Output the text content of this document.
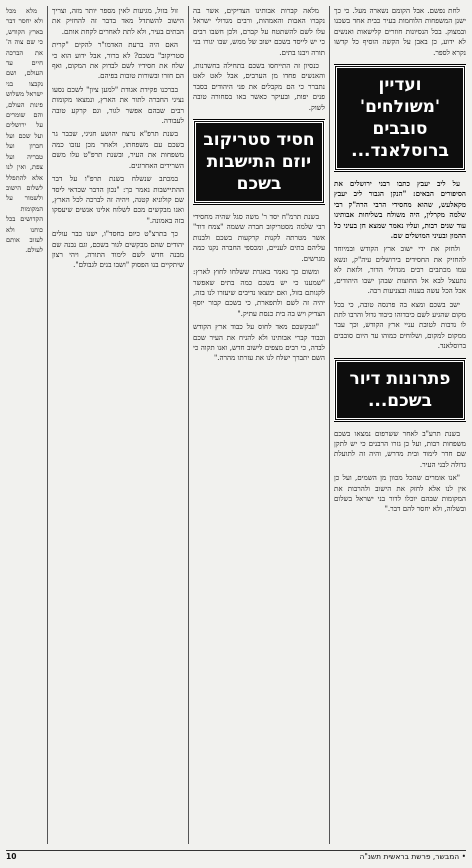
לחת נפשם. אבל הקומם נשארה מעל. כי כך ישנן המשפחות הלוחמות בעיר כבית אחד בשכנו ובמצוק. בכל הנסיונות חוזרים קלישאות ואנשים לא ידוע, כן באבן על הקשה הוסיף כל קדשו נקרא לספר.

ועדיין 'משולחים' סובבים ברוסלאנד...

על ליב יעבץ כתבו רבני ירושלים את הסיפורים הבאים: "הנקן הגבור ליב יעבץ מקאלעש, שהוא מחסידי הרבי הרה"ק רבי שלמה מקרלין, היה משולח בשליחות אבותינו עוד שנים רבות, ועליו נאמר שמצא חן בעיני כל ההמון ובעיני המושלים שם.

ולחזק את ידי ישוב ארץ הקודש ובמיוחד להחזיק את החסידים בירושלים עיה"ק, ונשא עמו מכתבים רבים מגדולי הדור, ולזאת לא נתעצל לבא אל החוצות שבהן ישבו היהודים, אבל הכל עשה בענוה ובצניעות רבה.

ישב בשכם ומצא בה פרנסה טובה, כי בכל מקום שהגיע לשם כיבדוהו כיבוד גדול והרבו לתת לו נדבות לטובת עניי ארץ הקודש, וכך עבר ממקום למקום, ושלוחים כמוהו עד היום סובבים ברוסלאנד.

פתרונות דיור בשכם...

בשנת תרע"ב לאחר ששרפום נמצאו בשכם משפחות רבות, ועל כן גזרו הרבנים כי יש לתקן שם חדר לימוד ובית מדרש, והיה זה לתועלת גדולה לבני העיר.

"אנו אומרים שהכל מכוון מן השמים, ועל כן אין לנו אלא לחזק את הישוב ולהרבות את המקומות שבהם יוכלו לדור בני ישראל בשלום ובשלוה, ולא יחסר להם דבר."

מלאה קברות אבותינו הצדיקים, אשר בה נקברו האבות והאמהות, ורבים מגדולי ישראל עלו לשם להשתטח על קברם, ולכן חשבו רבים כי יש לייסד בשכם ישוב של ממש, שבו יגורו בני תורה ויבנו בתים.

כנסיון זה התייחסו בשכם בתחילה בחשדנות, והאנשים פחדו מן הערבים, אבל לאט לאט נתברר כי הם מקבלים את פני היהודים בסבר פנים יפות, ובעיקר כאשר באו בסחורה טובה לשוק.

חסיד סטריקוב יוזם התישבות בשכם

בשנת תרמ"ח יסד ר' משה סגל שהיה מחסידי רבי שלמה מסטריקוב חברה ששמה "צמח דוד" אשר מטרתה לקנות קרקעות בשכם ולבנות עליהם בתים לעניים, ומכספי החברה נקנו כמה מגרשים.

ומשום כך נאמר באגרת ששלחו לחוץ לארץ: "שמענו כי יש בשכם כמה בתים שאפשר לקנותם בזול, ואם ימצאו נדיבים שיעזרו לנו בזה, יהיה זה לשם ולתפארת, כי בשכם קבור יוסף הצדיק ויש בה בית כנסת עתיק."

"ונבקשכם מאד לחוס על כבוד ארץ הקודש וכבוד קברי אבותינו ולא להניח את העיר שכם לבדה, כי רבים מצפים לישוב חדש, ואנו תקוה כי השם יתברך ישלח לנו את עזרתו מהרה."

זול בזול, מגיעות לאין מספר יותר מזה, וצריך הישוב להשתדל מאד בדבר זה להחזיק את הבתים בעיר, ולא לתת לאחרים לקחת אותם.

האם היה ברעת האדמו"ר להקים "קרית סטריקוב" בשכם? לא ברור, אבל ידוע הוא כי שלח את חסידיו לשם לבדוק את המקום, ואף הם חזרו ובשורות טובות בפיהם.

בברכנו פקידת אגודת "למען ציון" לשכם נסעו נציגי החברה לתור את הארץ, ונמצאו מקומות רבים שבהם אפשר לגור, וגם קרקע טובה לעבודה.

בשנת תרפ"א נרצח יהושע חגיגי, שכבר גר בשכם עם משפחתו, ולאחר מכן עזבו כמה משפחות את העיר, ובשנת תרפ"ט עלו משם השרידים האחרונים.

במכתב שנשלח בשנת תרפ"ו על דבר ההתיישבות נאמר כך: "נכון הדבר שכדאי ליסד שם קולוניא קטנה, ויהיה זה לברכה לכל הארץ, ואנו מבקשים מכם לשלוח אלינו אנשים שיעסקו בזה באמונה."

כך בתרצ"ט כיום בחסד"ו, ישנו כבר עולים יהודים שהם מבקשים לגור בשכם, וגם נבנה שם מבנה חדש לשם לימוד התורה, ויהי רצון שיתקיים בנו הפסוק "ושבו בנים לגבולם".

מלא מכל ולא יחסר דבר בארץ הקודש, כי שם צוה ה' את הברכה חיים עד העולם, ושם נקבצו בני ישראל משלוש פינות העולם, והם שומרים על ירושלים ועל שכם ועל חברון ועל טבריה ועל צפת, ואין לנו אלא להתפלל לשלום הישוב ולשמור על המקומות הקדושים בכל כוחנו ולא לעזוב אותם לעולם.

10	• המבשר, פרשת בראשית תשנ"ה
